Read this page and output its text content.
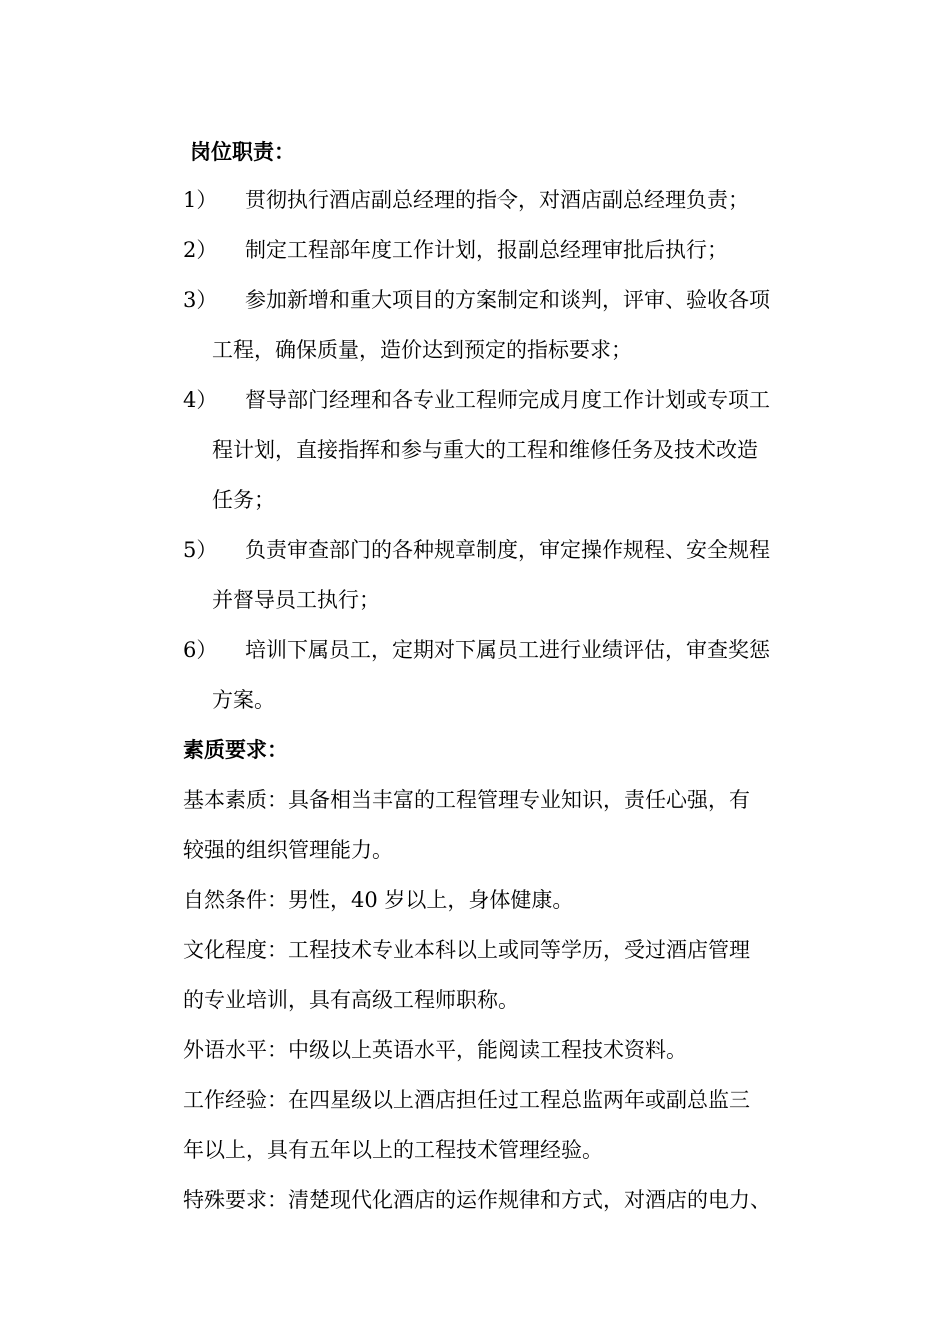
岗位职责：
1） 贯彻执行酒店副总经理的指令，对酒店副总经理负责；
2） 制定工程部年度工作计划，报副总经理审批后执行；
3） 参加新增和重大项目的方案制定和谈判，评审、验收各项
工程，确保质量，造价达到预定的指标要求；
4） 督导部门经理和各专业工程师完成月度工作计划或专项工
程计划，直接指挥和参与重大的工程和维修任务及技术改造
任务；
5） 负责审查部门的各种规章制度，审定操作规程、安全规程
并督导员工执行；
6） 培训下属员工，定期对下属员工进行业绩评估，审查奖惩
方案。
素质要求：
基本素质：具备相当丰富的工程管理专业知识，责任心强，有
较强的组织管理能力。
自然条件：男性，40 岁以上，身体健康。
文化程度：工程技术专业本科以上或同等学历，受过酒店管理
的专业培训，具有高级工程师职称。
外语水平：中级以上英语水平，能阅读工程技术资料。
工作经验：在四星级以上酒店担任过工程总监两年或副总监三
年以上，具有五年以上的工程技术管理经验。
特殊要求：清楚现代化酒店的运作规律和方式，对酒店的电力、
